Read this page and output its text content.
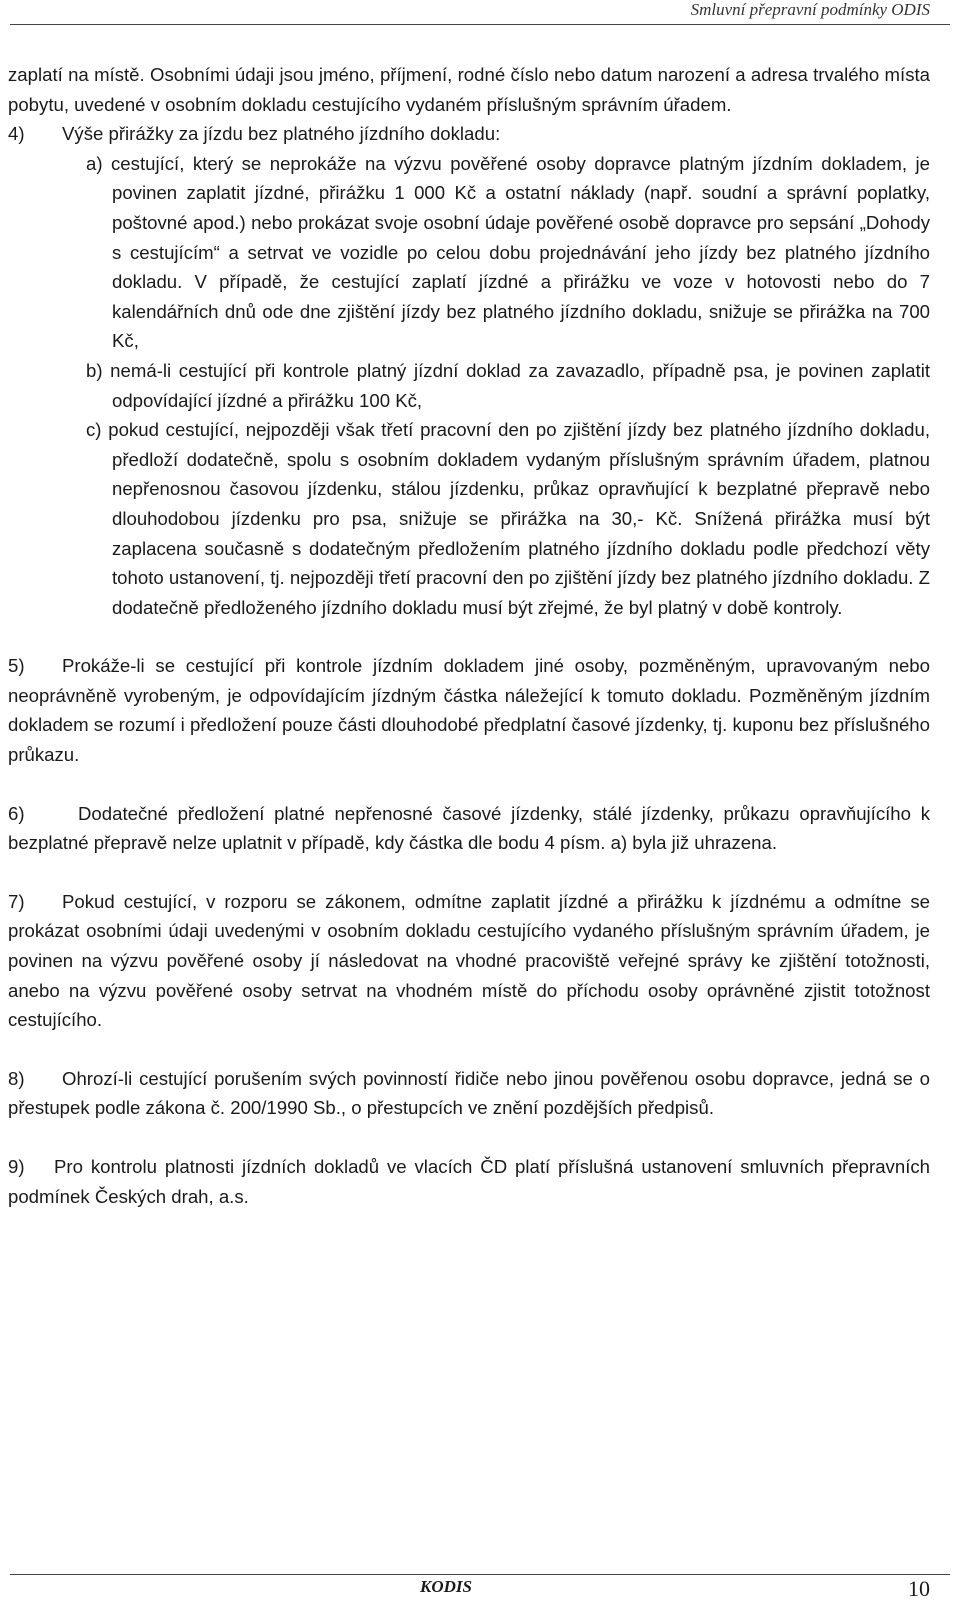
Smluvní přepravní podmínky ODIS

zaplatí na místě. Osobními údaji jsou jméno, příjmení, rodné číslo nebo datum narození a adresa trvalého místa pobytu, uvedené v osobním dokladu cestujícího vydaném příslušným správním úřadem.

4) Výše přirážky za jízdu bez platného jízdního dokladu:

a) cestující, který se neprokáže na výzvu pověřené osoby dopravce platným jízdním dokladem, je povinen zaplatit jízdné, přirážku 1 000 Kč a ostatní náklady (např. soudní a správní poplatky, poštovné apod.) nebo prokázat svoje osobní údaje pověřené osobě dopravce pro sepsání „Dohody s cestujícím“ a setrvat ve vozidle po celou dobu projednávání jeho jízdy bez platného jízdního dokladu. V případě, že cestující zaplatí jízdné a přirážku ve voze v hotovosti nebo do 7 kalendářních dnů ode dne zjištění jízdy bez platného jízdního dokladu, snižuje se přirážka na 700 Kč,

b) nemá-li cestující při kontrole platný jízdní doklad za zavazadlo, případně psa, je povinen zaplatit odpovídající jízdné a přirážku 100 Kč,

c) pokud cestující, nejpozději však třetí pracovní den po zjištění jízdy bez platného jízdního dokladu, předloží dodatečně, spolu s osobním dokladem vydaným příslušným správním úřadem, platnou nepřenosnou časovou jízdenku, stálou jízdenku, průkaz opravňující k bezplatné přepravě nebo dlouhodobou jízdenku pro psa, snižuje se přirážka na 30,- Kč. Snížená přirážka musí být zaplacena současně s dodatečným předložením platného jízdního dokladu podle předchozí věty tohoto ustanovení, tj. nejpozději třetí pracovní den po zjištění jízdy bez platného jízdního dokladu. Z dodatečně předloženého jízdního dokladu musí být zřejmé, že byl platný v době kontroly.

5) Prokáže-li se cestující při kontrole jízdním dokladem jiné osoby, pozměněným, upravovaným nebo neoprávněně vyrobeným, je odpovídajícím jízdným částka náležející k tomuto dokladu. Pozměněným jízdním dokladem se rozumí i předložení pouze části dlouhodobé předplatní časové jízdenky, tj. kuponu bez příslušného průkazu.

6)	Dodatečné předložení platné nepřenosné časové jízdenky, stálé jízdenky, průkazu opravňujícího k bezplatné přepravě nelze uplatnit v případě, kdy částka dle bodu 4 písm. a) byla již uhrazena.

7) Pokud cestující, v rozporu se zákonem, odmítne zaplatit jízdné a přirážku k jízdnému a odmítne se prokázat osobními údaji uvedenými v osobním dokladu cestujícího vydaného příslušným správním úřadem, je povinen na výzvu pověřené osoby jí následovat na vhodné pracoviště veřejné správy ke zjištění totožnosti, anebo na výzvu pověřené osoby setrvat na vhodném místě do příchodu osoby oprávněné zjistit totožnost cestujícího.

8) Ohrozí-li cestující porušením svých povinností řidiče nebo jinou pověřenou osobu dopravce, jedná se o přestupek podle zákona č. 200/1990 Sb., o přestupcích ve znění pozdějších předpisů.

9) Pro kontrolu platnosti jízdních dokladů ve vlacích ČD platí příslušná ustanovení smluvních přepravních podmínek Českých drah, a.s.

KODIS	10
